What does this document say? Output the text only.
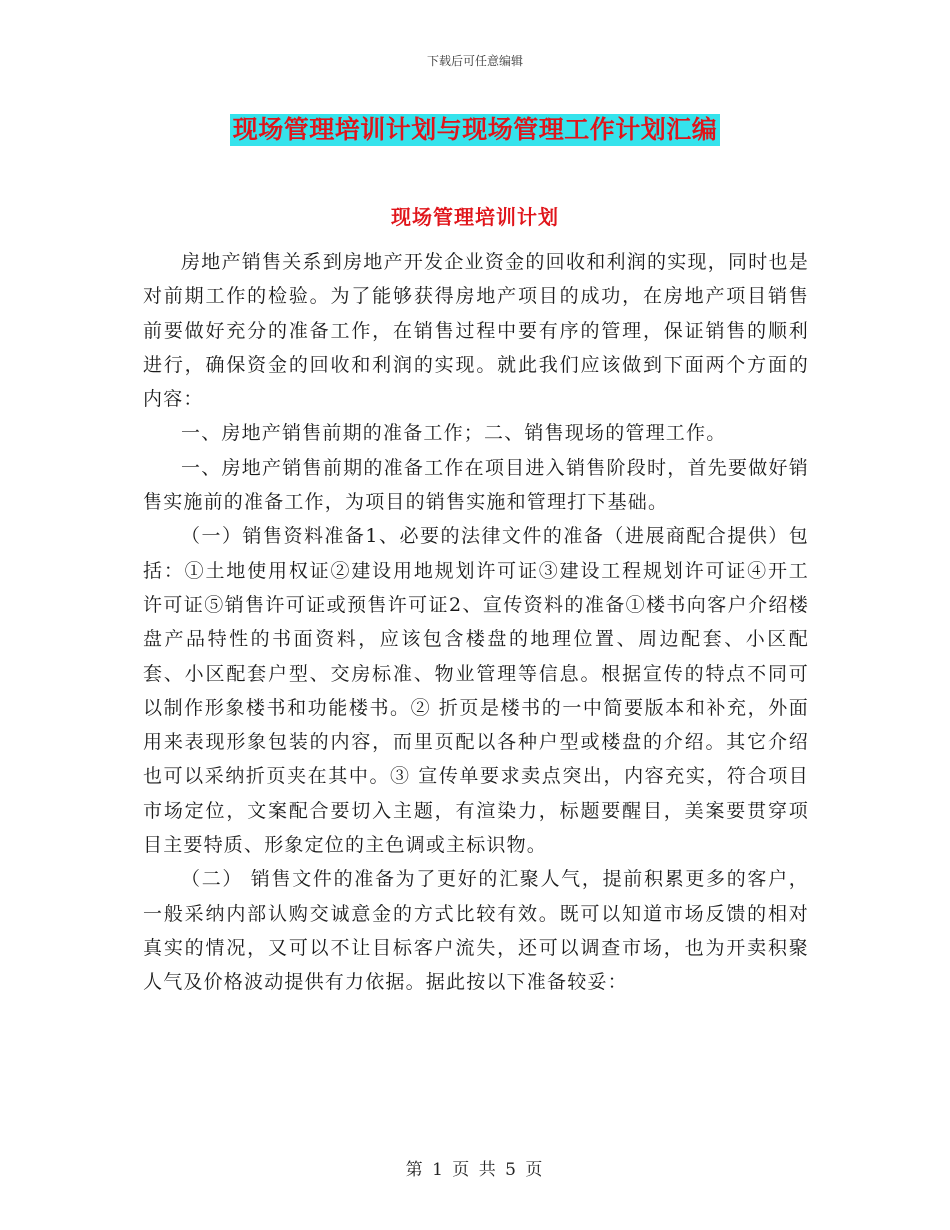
下载后可任意编辑
现场管理培训计划与现场管理工作计划汇编
现场管理培训计划

房地产销售关系到房地产开发企业资金的回收和利润的实现，同时也是对前期工作的检验。为了能够获得房地产项目的成功，在房地产项目销售前要做好充分的准备工作，在销售过程中要有序的管理，保证销售的顺利进行，确保资金的回收和利润的实现。就此我们应该做到下面两个方面的内容：

一、房地产销售前期的准备工作；二、销售现场的管理工作。

一、房地产销售前期的准备工作在项目进入销售阶段时，首先要做好销售实施前的准备工作，为项目的销售实施和管理打下基础。

（一）销售资料准备1、必要的法律文件的准备（进展商配合提供）包括：①土地使用权证②建设用地规划许可证③建设工程规划许可证④开工许可证⑤销售许可证或预售许可证2、宣传资料的准备①楼书向客户介绍楼盘产品特性的书面资料，应该包含楼盘的地理位置、周边配套、小区配套、小区配套户型、交房标准、物业管理等信息。根据宣传的特点不同可以制作形象楼书和功能楼书。② 折页是楼书的一中简要版本和补充，外面用来表现形象包装的内容，而里页配以各种户型或楼盘的介绍。其它介绍也可以采纳折页夹在其中。③ 宣传单要求卖点突出，内容充实，符合项目市场定位，文案配合要切入主题，有渲染力，标题要醒目，美案要贯穿项目主要特质、形象定位的主色调或主标识物。

（二） 销售文件的准备为了更好的汇聚人气，提前积累更多的客户，一般采纳内部认购交诚意金的方式比较有效。既可以知道市场反馈的相对真实的情况，又可以不让目标客户流失，还可以调查市场，也为开卖积聚人气及价格波动提供有力依据。据此按以下准备较妥：

第 1 页 共 5 页
